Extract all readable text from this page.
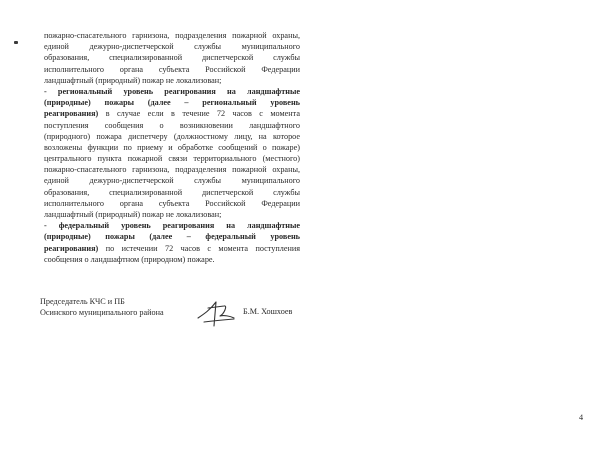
пожарно-спасательного гарнизона, подразделения пожарной охраны,
единой дежурно-диспетчерской службы муниципального
образования, специализированной диспетчерской службы
исполнительного органа субъекта Российской Федерации
ландшафтный (природный) пожар не локализован;
- региональный уровень реагирования на ландшафтные
(природные) пожары (далее – региональный уровень
реагирования) в случае если в течение 72 часов с момента
поступления сообщения о возникновении ландшафтного
(природного) пожара диспетчеру (должностному лицу, на которое
возложены функции по приему и обработке сообщений о пожаре)
центрального пункта пожарной связи территориального (местного)
пожарно-спасательного гарнизона, подразделения пожарной охраны,
единой дежурно-диспетчерской службы муниципального
образования, специализированной диспетчерской службы
исполнительного органа субъекта Российской Федерации
ландшафтный (природный) пожар не локализован;
- федеральный уровень реагирования на ландшафтные
(природные) пожары (далее – федеральный уровень
реагирования) по истечении 72 часов с момента поступления
сообщения о ландшафтном (природном) пожаре.
Председатель КЧС и ПБ
Осинского муниципального района	Б.М. Хошхоев
4
